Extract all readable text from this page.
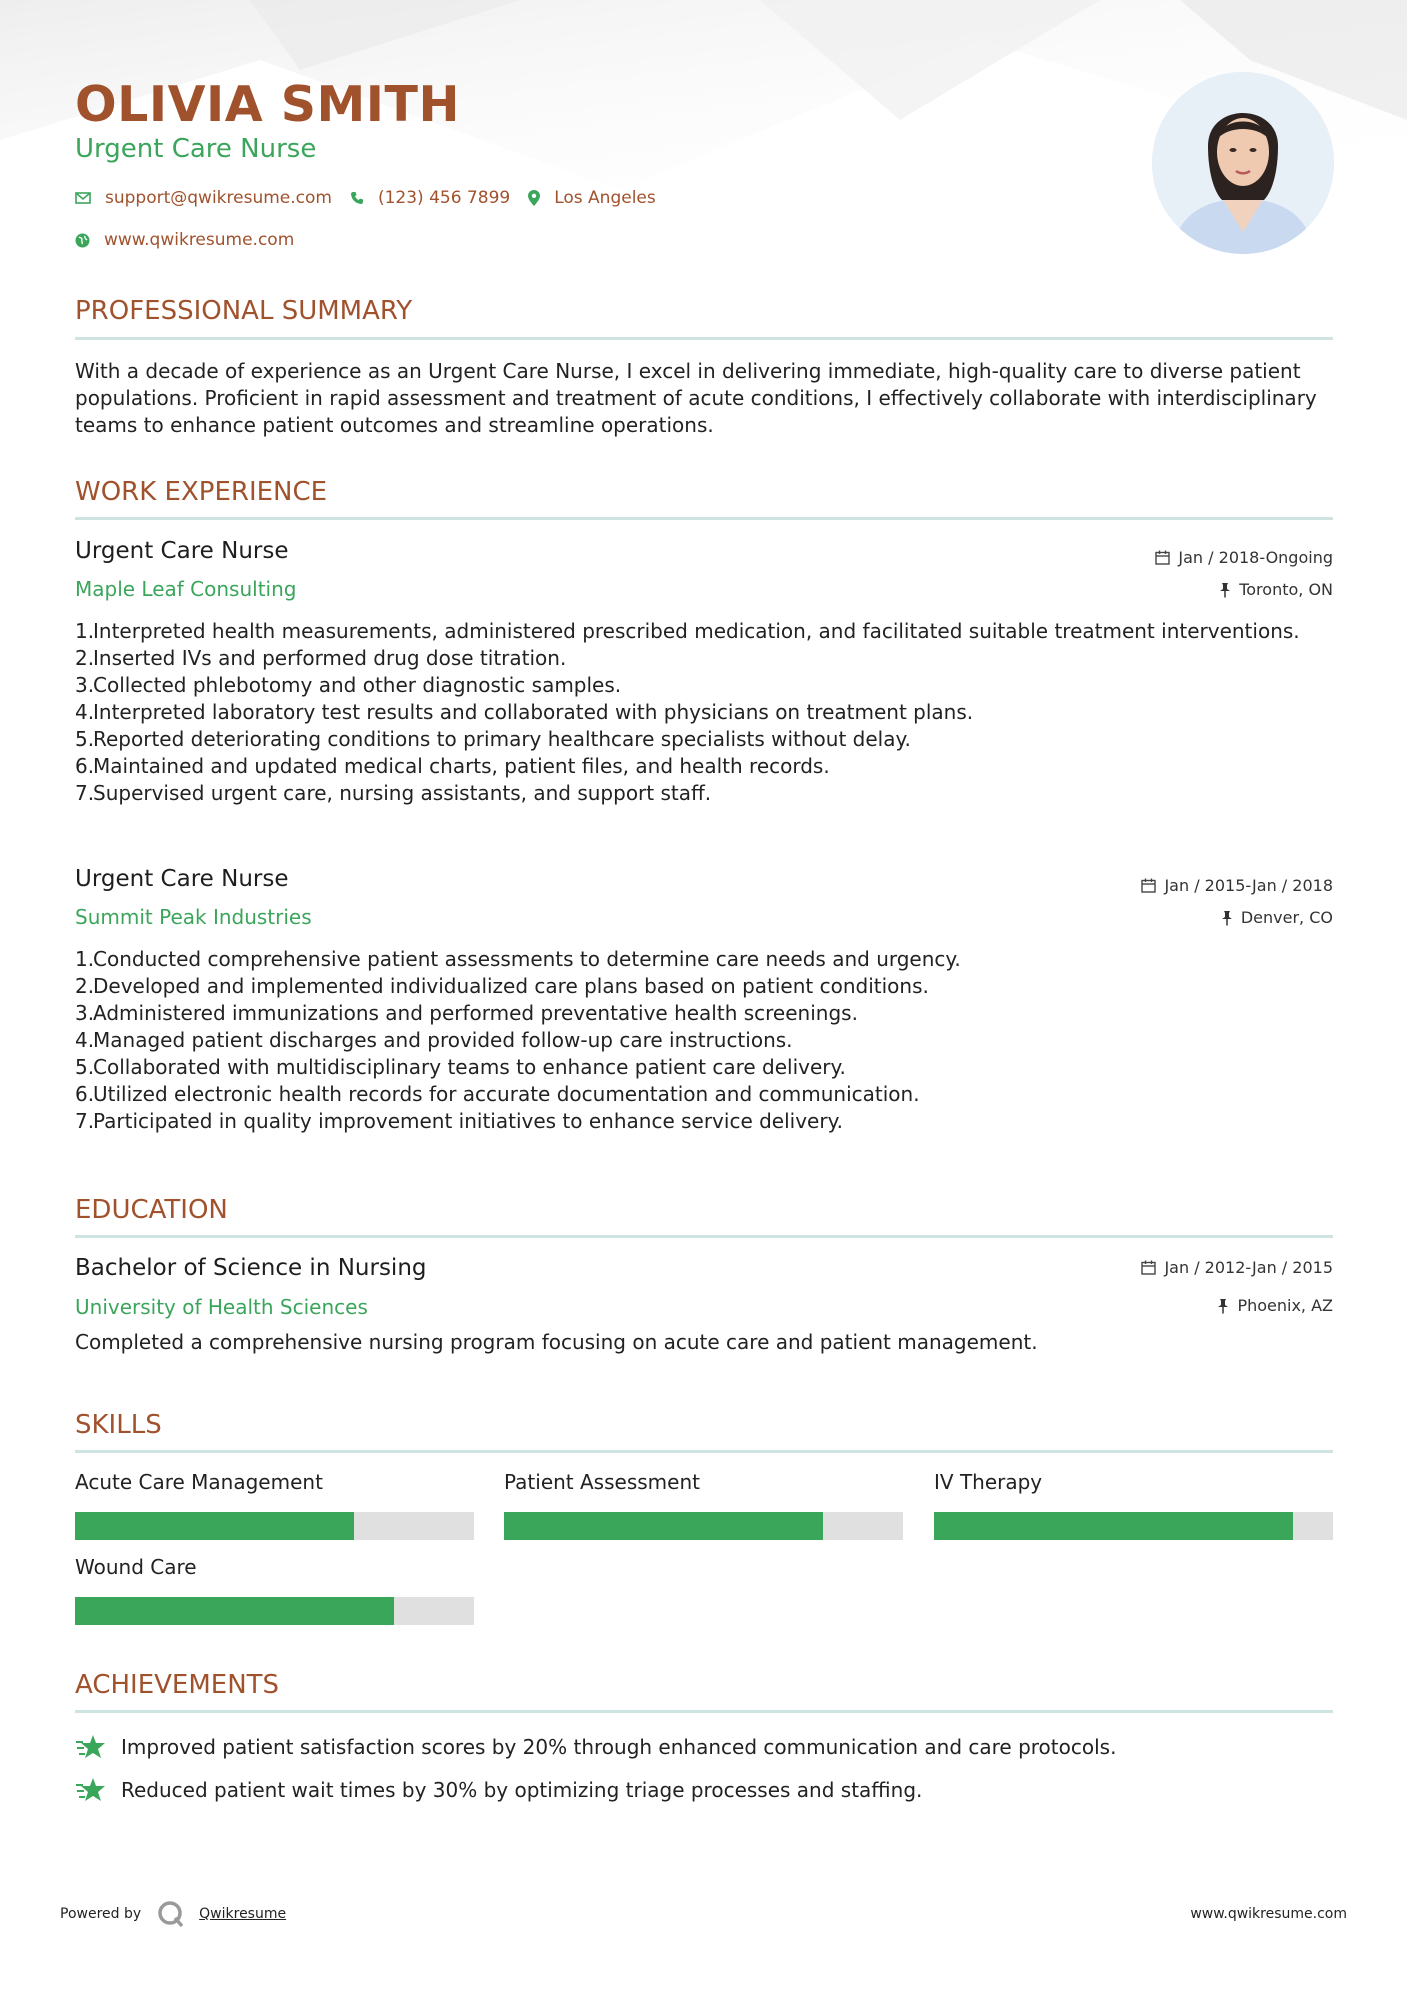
OLIVIA SMITH
Urgent Care Nurse
support@qwikresume.com	(123) 456 7899	Los Angeles
www.qwikresume.com
PROFESSIONAL SUMMARY
With a decade of experience as an Urgent Care Nurse, I excel in delivering immediate, high-quality care to diverse patient populations. Proficient in rapid assessment and treatment of acute conditions, I effectively collaborate with interdisciplinary teams to enhance patient outcomes and streamline operations.
WORK EXPERIENCE
Urgent Care Nurse
Maple Leaf Consulting
Jan / 2018-Ongoing
Toronto, ON
1.
Interpreted health measurements, administered prescribed medication, and facilitated suitable treatment interventions.
2.
Inserted IVs and performed drug dose titration.
3.
Collected phlebotomy and other diagnostic samples.
4.
Interpreted laboratory test results and collaborated with physicians on treatment plans.
5.
Reported deteriorating conditions to primary healthcare specialists without delay.
6.
Maintained and updated medical charts, patient files, and health records.
7.
Supervised urgent care, nursing assistants, and support staff.
Urgent Care Nurse
Summit Peak Industries
Jan / 2015-Jan / 2018
Denver, CO
1.
Conducted comprehensive patient assessments to determine care needs and urgency.
2.
Developed and implemented individualized care plans based on patient conditions.
3.
Administered immunizations and performed preventative health screenings.
4.
Managed patient discharges and provided follow-up care instructions.
5.
Collaborated with multidisciplinary teams to enhance patient care delivery.
6.
Utilized electronic health records for accurate documentation and communication.
7.
Participated in quality improvement initiatives to enhance service delivery.
EDUCATION
Bachelor of Science in Nursing
University of Health Sciences
Jan / 2012-Jan / 2015
Phoenix, AZ
Completed a comprehensive nursing program focusing on acute care and patient management.
SKILLS
Acute Care Management	Patient Assessment	IV Therapy
Wound Care
ACHIEVEMENTS
Improved patient satisfaction scores by 20% through enhanced communication and care protocols.
Reduced patient wait times by 30% by optimizing triage processes and staffing.
Powered by	Qwikresume	www.qwikresume.com
